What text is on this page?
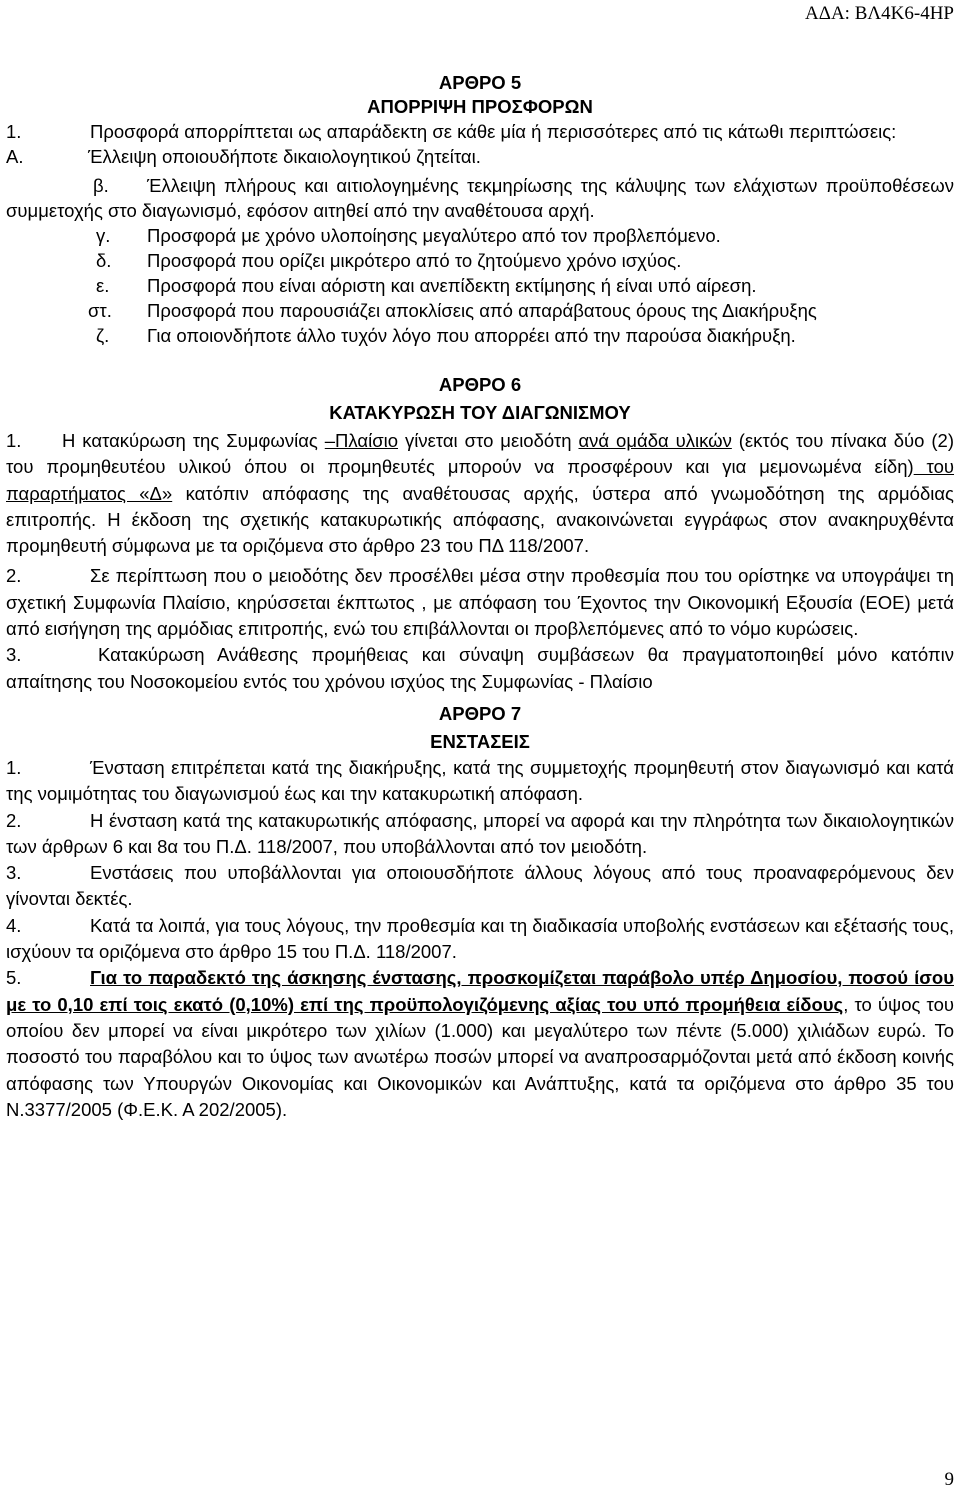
ΑΔΑ: ΒΛ4Κ6-4ΗΡ
ΑΡΘΡΟ 5
ΑΠΟΡΡΙΨΗ ΠΡΟΣΦΟΡΩΝ

1.	Προσφορά απορρίπτεται ως απαράδεκτη σε κάθε μία ή περισσότερες από τις κάτωθι περιπτώσεις:

Α.	Έλλειψη οποιουδήποτε δικαιολογητικού ζητείται.

β. Έλλειψη πλήρους και αιτιολογημένης τεκμηρίωσης της κάλυψης των ελάχιστων προϋποθέσεων συμμετοχής στο διαγωνισμό, εφόσον αιτηθεί από την αναθέτουσα αρχή.

γ. Προσφορά με χρόνο υλοποίησης μεγαλύτερο από τον προβλεπόμενο.

δ. Προσφορά που ορίζει μικρότερο από το ζητούμενο χρόνο ισχύος.

ε. Προσφορά που είναι αόριστη και ανεπίδεκτη εκτίμησης ή είναι υπό αίρεση.

στ. Προσφορά που παρουσιάζει αποκλίσεις από απαράβατους όρους της Διακήρυξης

ζ. Για οποιονδήποτε άλλο τυχόν λόγο που απορρέει από την παρούσα διακήρυξη.

ΑΡΘΡΟ 6
ΚΑΤΑΚΥΡΩΣΗ ΤΟΥ ΔΙΑΓΩΝΙΣΜΟΥ

1. Η κατακύρωση της Συμφωνίας –Πλαίσιο γίνεται στο μειοδότη ανά ομάδα υλικών (εκτός του πίνακα δύο (2) του προμηθευτέου υλικού όπου οι προμηθευτές μπορούν να προσφέρουν και για μεμονωμένα είδη) του παραρτήματος «Δ» κατόπιν απόφασης της αναθέτουσας αρχής, ύστερα από γνωμοδότηση της αρμόδιας επιτροπής. Η έκδοση της σχετικής κατακυρωτικής απόφασης, ανακοινώνεται εγγράφως στον ανακηρυχθέντα προμηθευτή σύμφωνα με τα οριζόμενα στο άρθρο 23 του ΠΔ 118/2007.

2.	Σε περίπτωση που ο μειοδότης δεν προσέλθει μέσα στην προθεσμία που του ορίστηκε να υπογράψει τη σχετική Συμφωνία Πλαίσιο, κηρύσσεται έκπτωτος , με απόφαση του Έχοντος την Οικονομική Εξουσία (ΕΟΕ) μετά από εισήγηση της αρμόδιας επιτροπής, ενώ του επιβάλλονται οι προβλεπόμενες από το νόμο κυρώσεις.

3.	Κατακύρωση Ανάθεσης προμήθειας και σύναψη συμβάσεων θα πραγματοποιηθεί μόνο κατόπιν απαίτησης του Νοσοκομείου εντός του χρόνου ισχύος της Συμφωνίας - Πλαίσιο

ΑΡΘΡΟ 7
ΕΝΣΤΑΣΕΙΣ

1.	Ένσταση επιτρέπεται κατά της διακήρυξης, κατά της συμμετοχής προμηθευτή στον διαγωνισμό και κατά της νομιμότητας του διαγωνισμού έως και την κατακυρωτική απόφαση.

2.	Η ένσταση κατά της κατακυρωτικής απόφασης, μπορεί να αφορά και την πληρότητα των δικαιολογητικών των άρθρων 6 και 8α του Π.Δ. 118/2007, που υποβάλλονται από τον μειοδότη.

3.	Ενστάσεις που υποβάλλονται για οποιουσδήποτε άλλους λόγους από τους προαναφερόμενους δεν γίνονται δεκτές.

4.	Κατά τα λοιπά, για τους λόγους, την προθεσμία και τη διαδικασία υποβολής ενστάσεων και εξέτασής τους, ισχύουν τα οριζόμενα στο άρθρο 15 του Π.Δ. 118/2007.

5.	Για το παραδεκτό της άσκησης ένστασης, προσκομίζεται παράβολο υπέρ Δημοσίου, ποσού ίσου με το 0,10 επί τοις εκατό (0,10%) επί της προϋπολογιζόμενης αξίας του υπό προμήθεια είδους, το ύψος του οποίου δεν μπορεί να είναι μικρότερο των χιλίων (1.000) και μεγαλύτερο των πέντε (5.000) χιλιάδων ευρώ. Το ποσοστό του παραβόλου και το ύψος των ανωτέρω ποσών μπορεί να αναπροσαρμόζονται μετά από έκδοση κοινής απόφασης των Υπουργών Οικονομίας και Οικονομικών και Ανάπτυξης, κατά τα οριζόμενα στο άρθρο 35 του Ν.3377/2005 (Φ.Ε.Κ. Α 202/2005).

9
